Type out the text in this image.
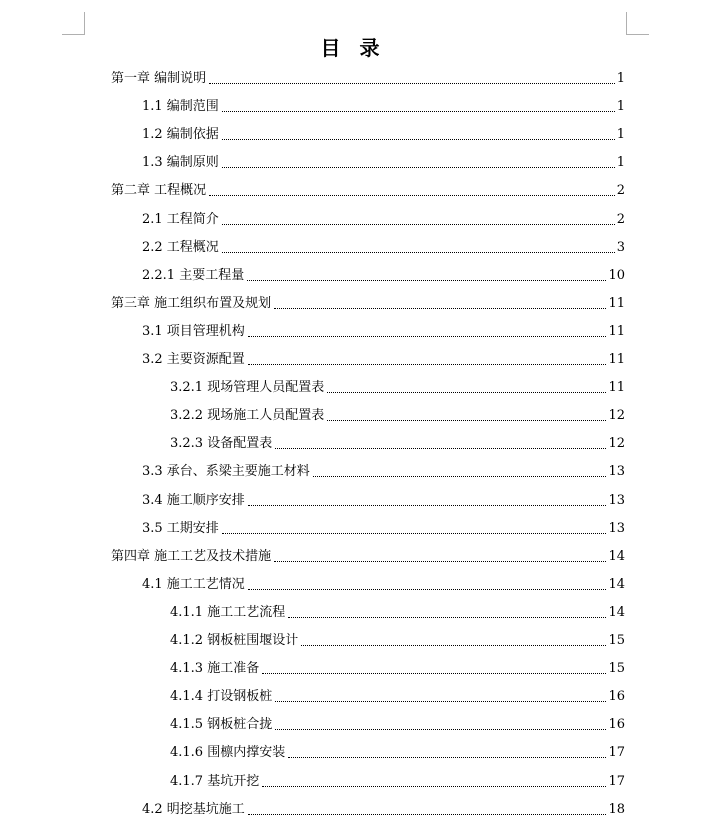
目 录
第一章 编制说明	1
1.1 编制范围	1
1.2 编制依据	1
1.3 编制原则	1
第二章 工程概况	2
2.1 工程简介	2
2.2 工程概况	3
2.2.1 主要工程量	10
第三章 施工组织布置及规划	11
3.1 项目管理机构	11
3.2 主要资源配置	11
3.2.1 现场管理人员配置表	11
3.2.2 现场施工人员配置表	12
3.2.3 设备配置表	12
3.3 承台、系梁主要施工材料	13
3.4 施工顺序安排	13
3.5 工期安排	13
第四章 施工工艺及技术措施	14
4.1 施工工艺情况	14
4.1.1 施工工艺流程	14
4.1.2 钢板桩围堰设计	15
4.1.3 施工准备	15
4.1.4 打设钢板桩	16
4.1.5 钢板桩合拢	16
4.1.6 围檩内撑安装	17
4.1.7 基坑开挖	17
4.2 明挖基坑施工	18
